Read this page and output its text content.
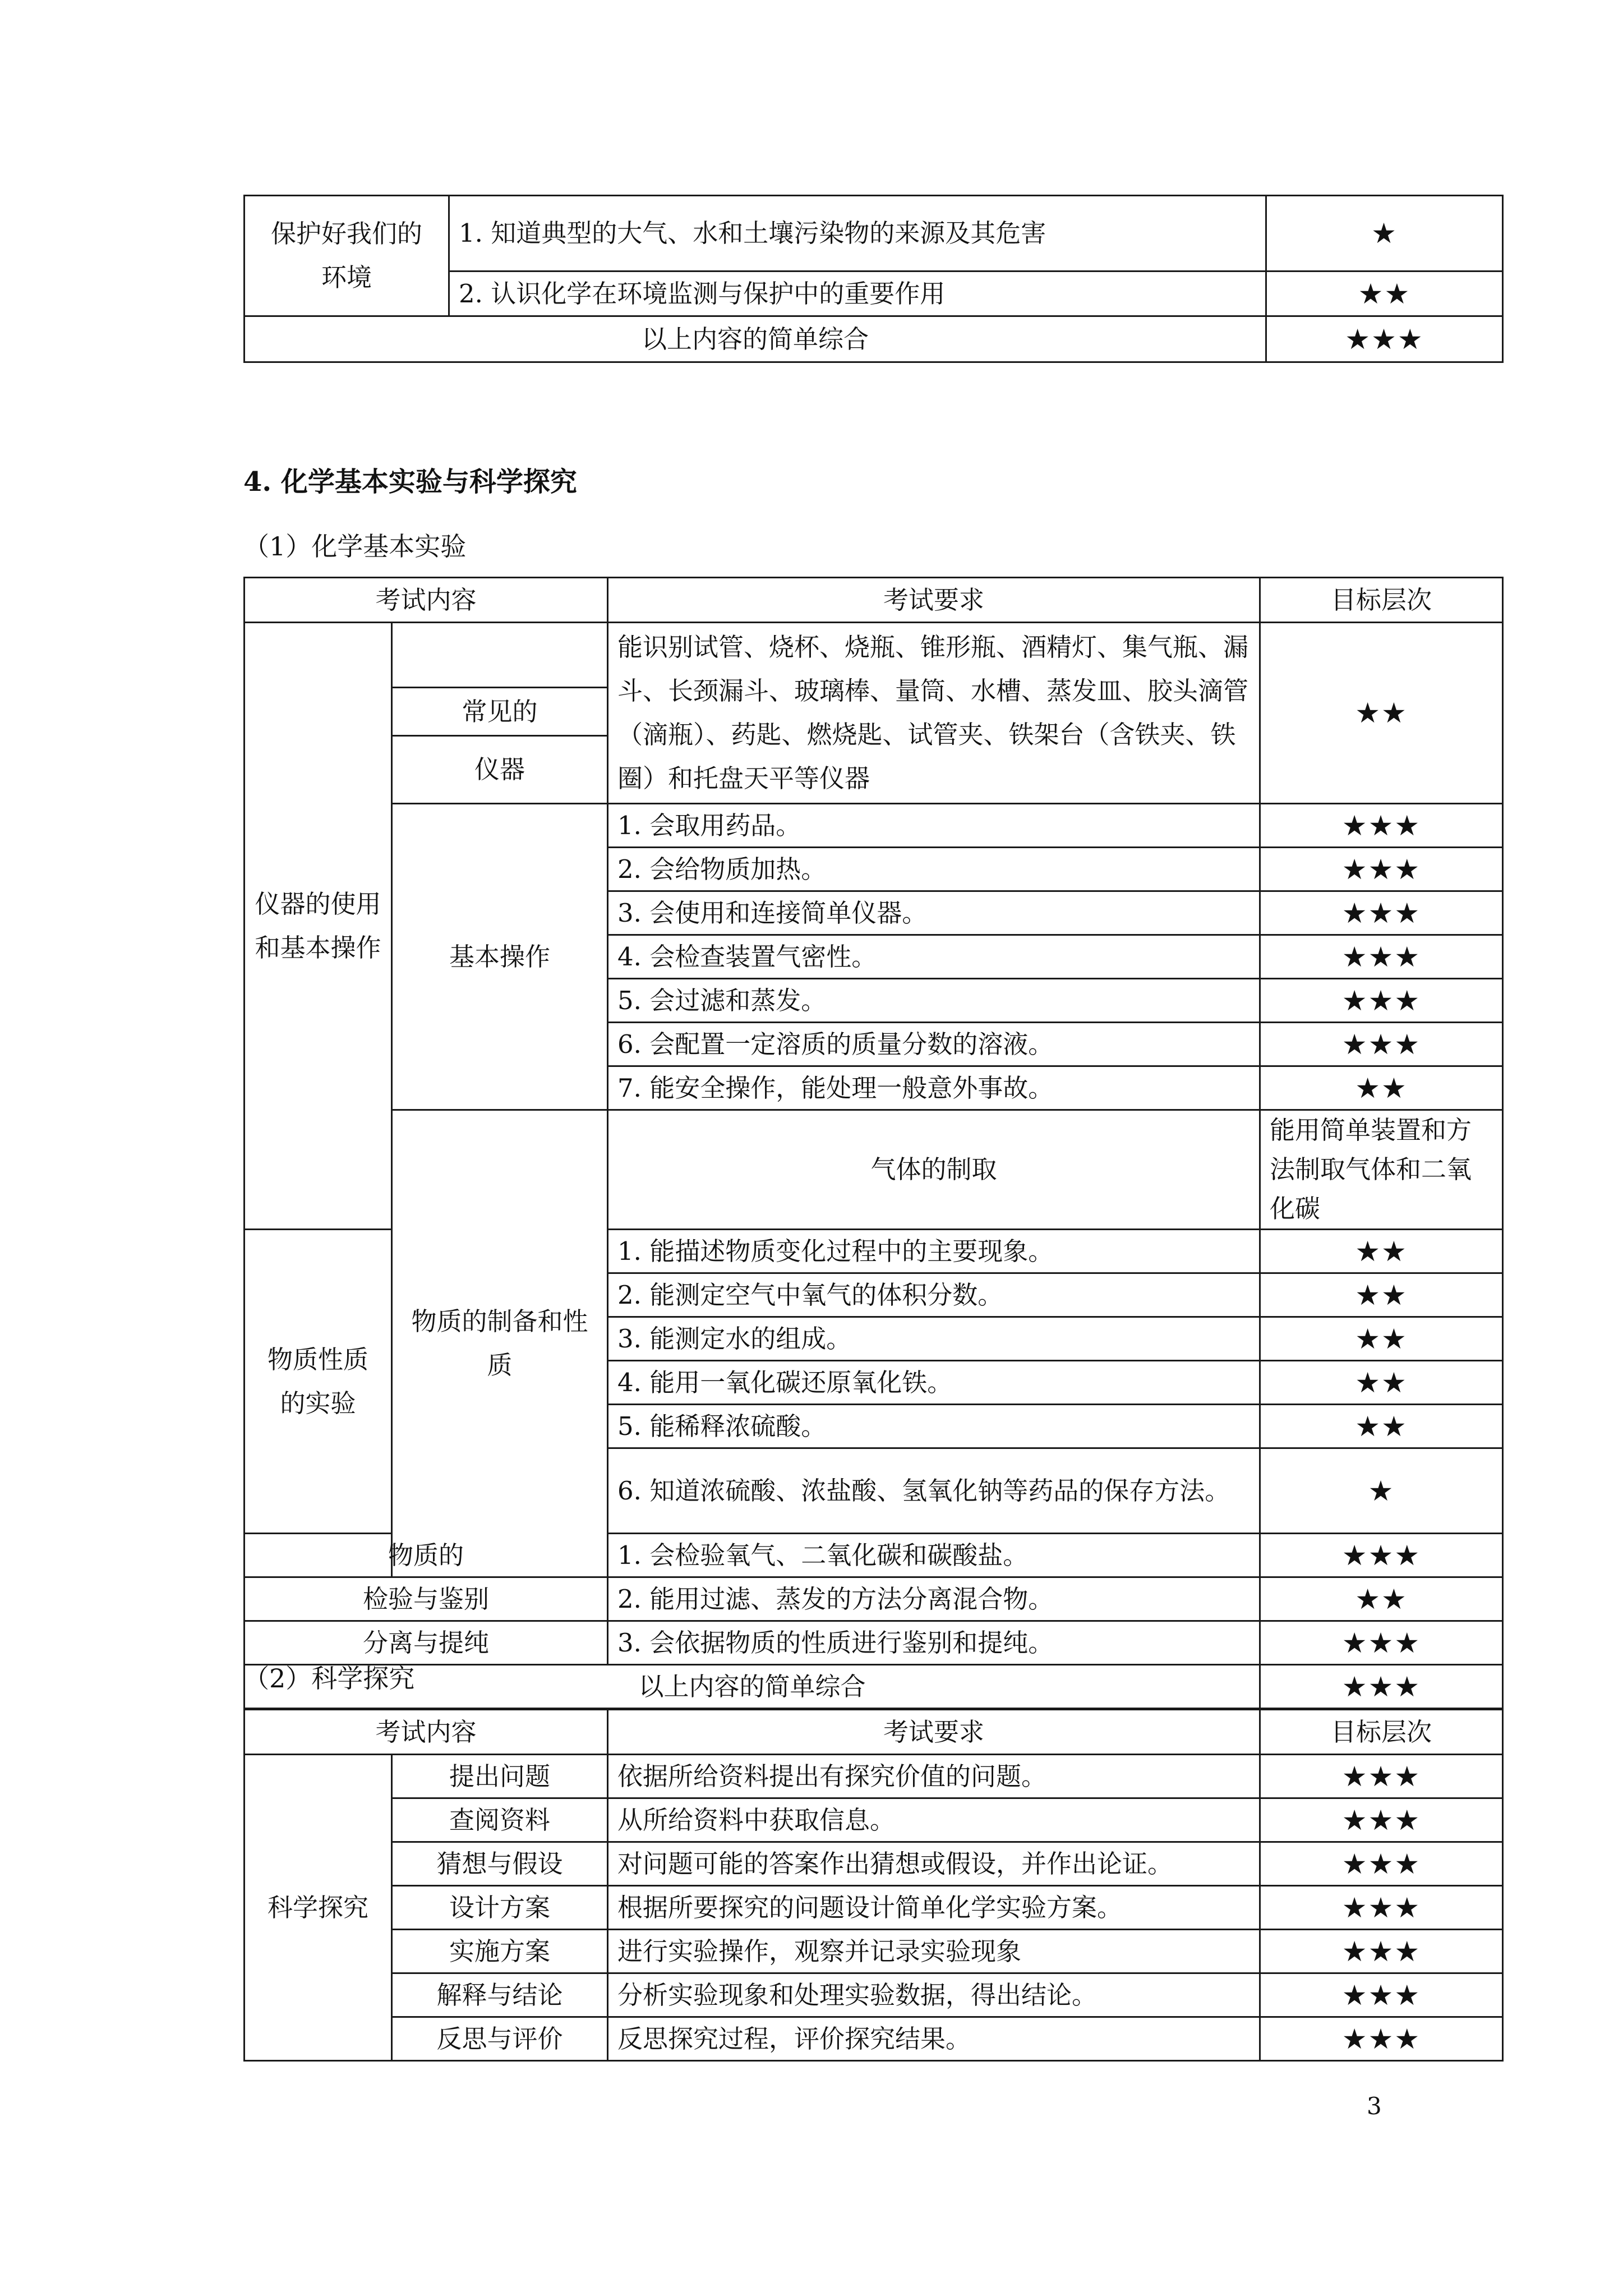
保护好我们的环境	1. 知道典型的大气、水和土壤污染物的来源及其危害	★
	2. 认识化学在环境监测与保护中的重要作用	★★
以上内容的简单综合		★★★
4. 化学基本实验与科学探究
（1）化学基本实验
考试内容		考试要求	目标层次	
仪器的使用和基本操作		能识别试管、烧杯、烧瓶、锥形瓶、酒精灯、集气瓶、漏斗、长颈漏斗、玻璃棒、量筒、水槽、蒸发皿、胶头滴管（滴瓶）、药匙、燃烧匙、试管夹、铁架台（含铁夹、铁圈）和托盘天平等仪器	★★	
	常见的			
	仪器			
	基本操作	1. 会取用药品。	★★★	
		2. 会给物质加热。	★★★	
		3. 会使用和连接简单仪器。	★★★	
		4. 会检查装置气密性。	★★★	
		5. 会过滤和蒸发。	★★★	
		6. 会配置一定溶质的质量分数的溶液。	★★★	
		7. 能安全操作，能处理一般意外事故。	★★	
	物质的制备和性质	气体的制取	能用简单装置和方法制取气体和二氧化碳	
物质性质的实验		1. 能描述物质变化过程中的主要现象。	★★	
		2. 能测定空气中氧气的体积分数。	★★	
		3. 能测定水的组成。	★★	
		4. 能用一氧化碳还原氧化铁。	★★	
		5. 能稀释浓硫酸。	★★	
		6. 知道浓硫酸、浓盐酸、氢氧化钠等药品的保存方法。	★	
物质的		1. 会检验氧气、二氧化碳和碳酸盐。	★★★	
检验与鉴别		2. 能用过滤、蒸发的方法分离混合物。	★★	
分离与提纯		3. 会依据物质的性质进行鉴别和提纯。	★★★	
以上内容的简单综合			★★★	
（2）科学探究
考试内容		考试要求	目标层次
科学探究	提出问题	依据所给资料提出有探究价值的问题。	★★★
	查阅资料	从所给资料中获取信息。	★★★
	猜想与假设	对问题可能的答案作出猜想或假设，并作出论证。	★★★
	设计方案	根据所要探究的问题设计简单化学实验方案。	★★★
	实施方案	进行实验操作，观察并记录实验现象	★★★
	解释与结论	分析实验现象和处理实验数据，得出结论。	★★★
	反思与评价	反思探究过程，评价探究结果。	★★★
3
